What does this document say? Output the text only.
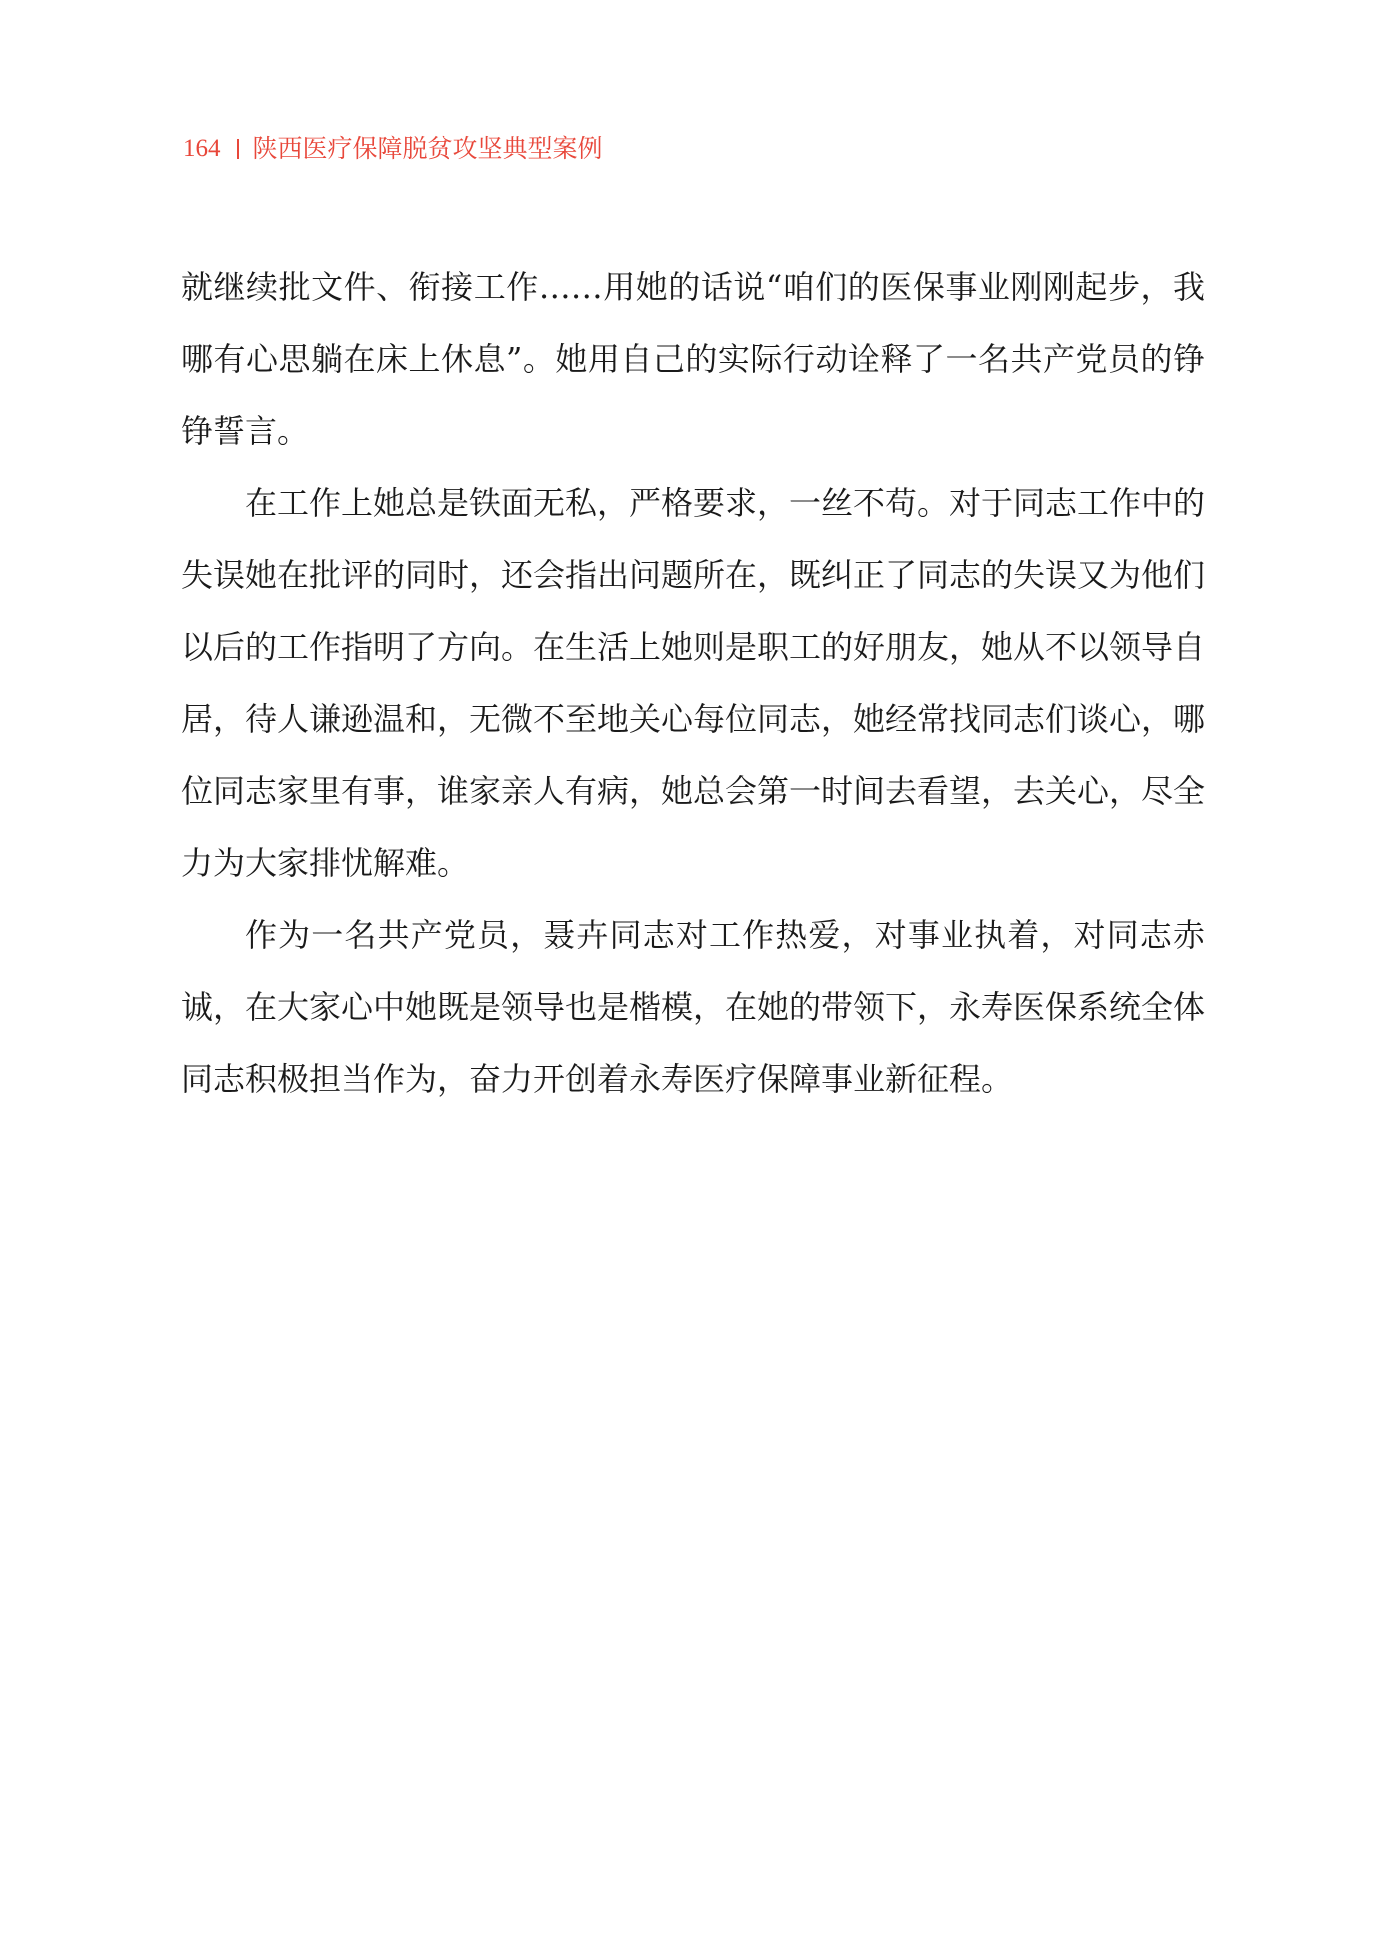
164 陕西医疗保障脱贫攻坚典型案例

就继续批文件、衔接工作……用她的话说“咱们的医保事业刚刚起步，我哪有心思躺在床上休息”。她用自己的实际行动诠释了一名共产党员的铮铮誓言。

在工作上她总是铁面无私，严格要求，一丝不苟。对于同志工作中的失误她在批评的同时，还会指出问题所在，既纠正了同志的失误又为他们以后的工作指明了方向。在生活上她则是职工的好朋友，她从不以领导自居，待人谦逊温和，无微不至地关心每位同志，她经常找同志们谈心，哪位同志家里有事，谁家亲人有病，她总会第一时间去看望，去关心，尽全力为大家排忧解难。

作为一名共产党员，聂卉同志对工作热爱，对事业执着，对同志赤诚，在大家心中她既是领导也是楷模，在她的带领下，永寿医保系统全体同志积极担当作为，奋力开创着永寿医疗保障事业新征程。
